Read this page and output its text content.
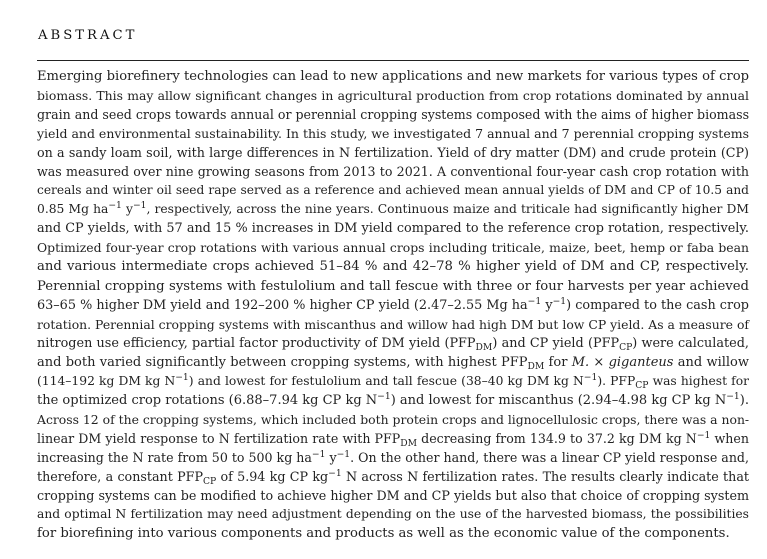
ABSTRACT
Emerging biorefinery technologies can lead to new applications and new markets for various types of crop
biomass. This may allow significant changes in agricultural production from crop rotations dominated by annual
grain and seed crops towards annual or perennial cropping systems composed with the aims of higher biomass
yield and environmental sustainability. In this study, we investigated 7 annual and 7 perennial cropping systems
on a sandy loam soil, with large differences in N fertilization. Yield of dry matter (DM) and crude protein (CP)
was measured over nine growing seasons from 2013 to 2021. A conventional four-year cash crop rotation with
cereals and winter oil seed rape served as a reference and achieved mean annual yields of DM and CP of 10.5 and
0.85 Mg $ha^{-1}$ $y^{-1}$, respectively, across the nine years. Continuous maize and triticale had significantly higher DM
and CP yields, with 57 and 15 % increases in DM yield compared to the reference crop rotation, respectively.
Optimized four-year crop rotations with various annual crops including triticale, maize, beet, hemp or faba bean
and various intermediate crops achieved 51–84 % and 42–78 % higher yield of DM and CP, respectively.
Perennial cropping systems with festulolium and tall fescue with three or four harvests per year achieved
63–65 % higher DM yield and 192–200 % higher CP yield (2.47–2.55 Mg $ha^{-1}$ $y^{-1}$) compared to the cash crop
rotation. Perennial cropping systems with miscanthus and willow had high DM but low CP yield. As a measure of
nitrogen use efficiency, partial factor productivity of DM yield $(PFP_{DM})$ and CP yield $(PFP_{CP})$ were calculated,
and both varied significantly between cropping systems, with highest $PFP_{DM}$ for M. × giganteus and willow
(114–192 kg DM kg $N^{-1}$) and lowest for festulolium and tall fescue (38–40 kg DM kg $N^{-1}$). $PFP_{CP}$ was highest for
the optimized crop rotations (6.88–7.94 kg CP kg $N^{-1}$) and lowest for miscanthus (2.94–4.98 kg CP kg $N^{-1}$).
Across 12 of the cropping systems, which included both protein crops and lignocellulosic crops, there was a non-
linear DM yield response to N fertilization rate with $PFP_{DM}$ decreasing from 134.9 to 37.2 kg DM kg $N^{-1}$ when
increasing the N rate from 50 to 500 kg $ha^{-1}$ $y^{-1}$. On the other hand, there was a linear CP yield response and,
therefore, a constant $PFP_{CP}$ of 5.94 kg CP $kg^{-1}$ N across N fertilization rates. The results clearly indicate that
cropping systems can be modified to achieve higher DM and CP yields but also that choice of cropping system
and optimal N fertilization may need adjustment depending on the use of the harvested biomass, the possibilities
for biorefining into various components and products as well as the economic value of the components.
